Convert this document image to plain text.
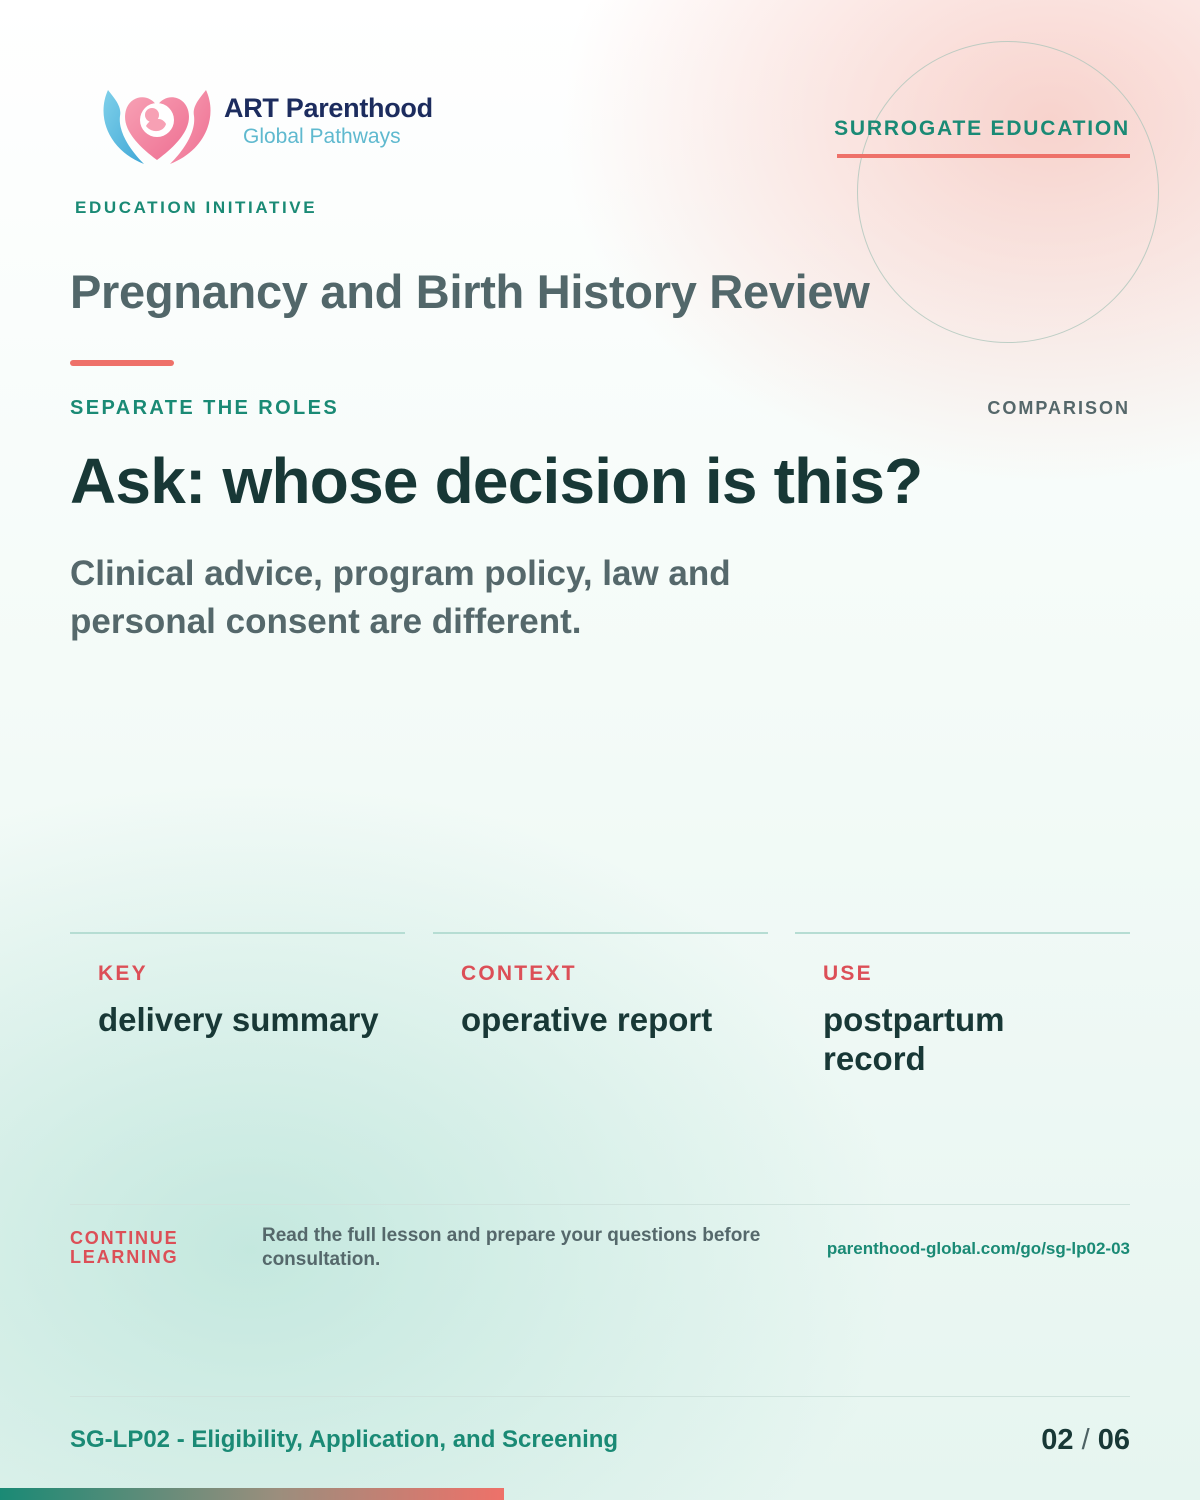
ART Parenthood
Global Pathways
EDUCATION INITIATIVE
SURROGATE EDUCATION
Pregnancy and Birth History Review
SEPARATE THE ROLES	COMPARISON
Ask: whose decision is this?
Clinical advice, program policy, law and personal consent are different.
KEY
delivery summary
CONTEXT
operative report
USE
postpartum record
CONTINUE LEARNING
Read the full lesson and prepare your questions before consultation.
parenthood-global.com/go/sg-lp02-03
SG-LP02 - Eligibility, Application, and Screening	02 / 06
